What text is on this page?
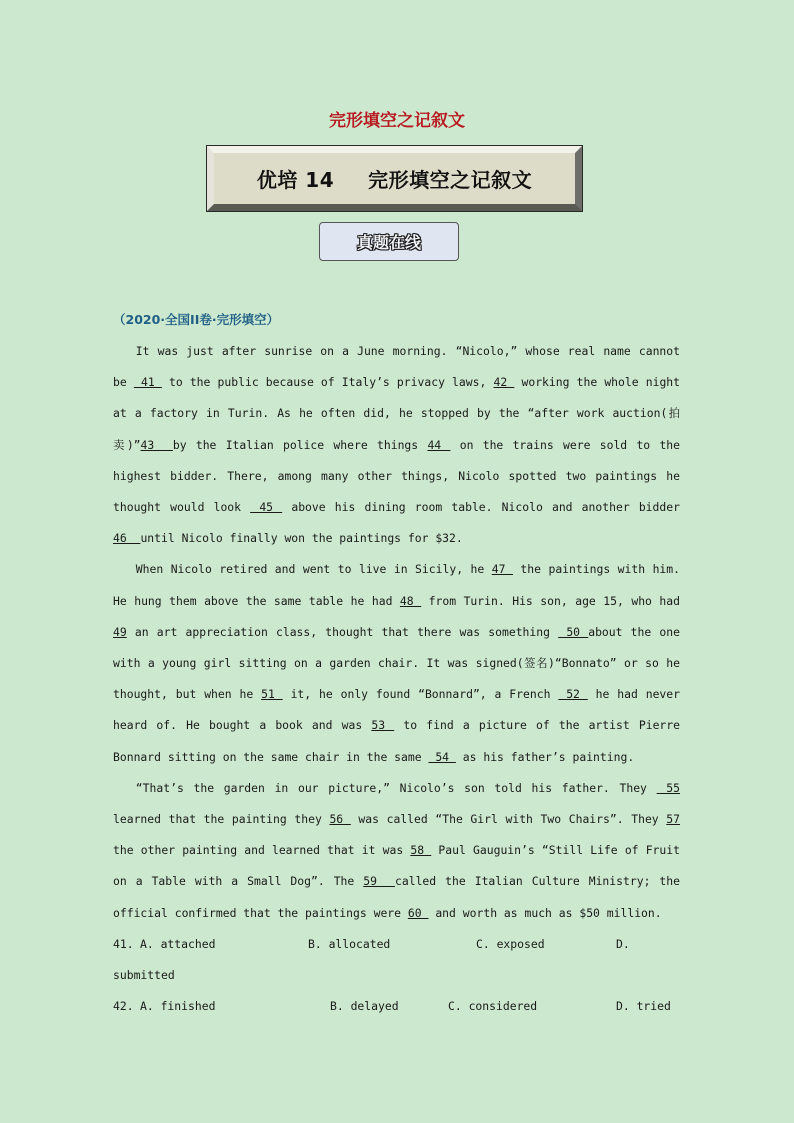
完形填空之记叙文
优培 14 完形填空之记叙文
真题在线
（2020·全国II卷·完形填空）

It was just after sunrise on a June morning. “Nicolo,” whose real name cannot be  41  to the public because of Italy’s privacy laws, 42  working the whole night at a factory in Turin. As he often did, he stopped by the “after work auction(拍卖)”43  by the Italian police where things 44  on the trains were sold to the highest bidder. There, among many other things, Nicolo spotted two paintings he thought would look  45  above his dining room table. Nicolo and another bidder 46  until Nicolo finally won the paintings for $32.

When Nicolo retired and went to live in Sicily, he 47  the paintings with him. He hung them above the same table he had 48  from Turin. His son, age 15, who had 49 an art appreciation class, thought that there was something  50 about the one with a young girl sitting on a garden chair. It was signed(签名)“Bonnato” or so he thought, but when he 51  it, he only found “Bonnard”, a French  52  he had never heard of. He bought a book and was 53  to find a picture of the artist Pierre Bonnard sitting on the same chair in the same  54  as his father’s painting.

“That’s the garden in our picture,” Nicolo’s son told his father. They  55 learned that the painting they 56  was called “The Girl with Two Chairs”. They 57 the other painting and learned that it was 58  Paul Gauguin’s “Still Life of Fruit on a Table with a Small Dog”. The 59  called the Italian Culture Ministry; the official confirmed that the paintings were 60  and worth as much as $50 million.

41. A. attached	B. allocated	C. exposed	D.
submitted
42. A. finished	B. delayed	C. considered	D. tried
